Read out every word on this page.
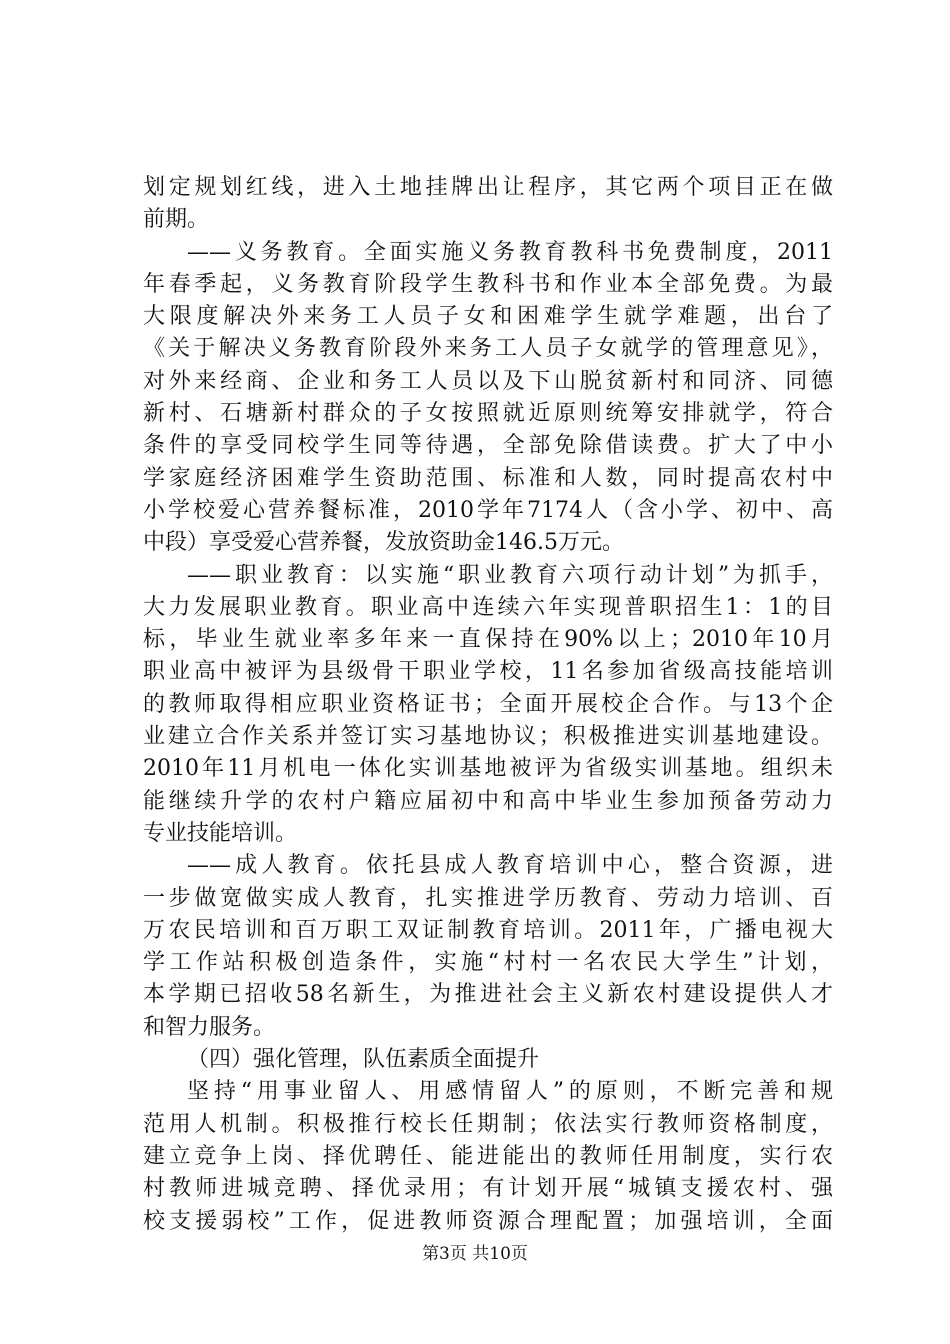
划定规划红线，进入土地挂牌出让程序，其它两个项目正在做
前期。
——义务教育。全面实施义务教育教科书免费制度，2011
年春季起，义务教育阶段学生教科书和作业本全部免费。为最
大限度解决外来务工人员子女和困难学生就学难题，出台了
《关于解决义务教育阶段外来务工人员子女就学的管理意见》，
对外来经商、企业和务工人员以及下山脱贫新村和同济、同德
新村、石塘新村群众的子女按照就近原则统筹安排就学，符合
条件的享受同校学生同等待遇，全部免除借读费。扩大了中小
学家庭经济困难学生资助范围、标准和人数，同时提高农村中
小学校爱心营养餐标准，2010学年7174人（含小学、初中、高
中段）享受爱心营养餐，发放资助金146.5万元。
——职业教育：以实施“职业教育六项行动计划”为抓手，
大力发展职业教育。职业高中连续六年实现普职招生1：1的目
标，毕业生就业率多年来一直保持在90%以上；2010年10月
职业高中被评为县级骨干职业学校，11名参加省级高技能培训
的教师取得相应职业资格证书；全面开展校企合作。与13个企
业建立合作关系并签订实习基地协议；积极推进实训基地建设。
2010年11月机电一体化实训基地被评为省级实训基地。组织未
能继续升学的农村户籍应届初中和高中毕业生参加预备劳动力
专业技能培训。
——成人教育。依托县成人教育培训中心，整合资源，进
一步做宽做实成人教育，扎实推进学历教育、劳动力培训、百
万农民培训和百万职工双证制教育培训。2011年，广播电视大
学工作站积极创造条件，实施“村村一名农民大学生”计划，
本学期已招收58名新生，为推进社会主义新农村建设提供人才
和智力服务。
（四）强化管理，队伍素质全面提升
坚持“用事业留人、用感情留人”的原则，不断完善和规
范用人机制。积极推行校长任期制；依法实行教师资格制度，
建立竞争上岗、择优聘任、能进能出的教师任用制度，实行农
村教师进城竞聘、择优录用；有计划开展“城镇支援农村、强
校支援弱校”工作，促进教师资源合理配置；加强培训，全面
第3页 共10页
